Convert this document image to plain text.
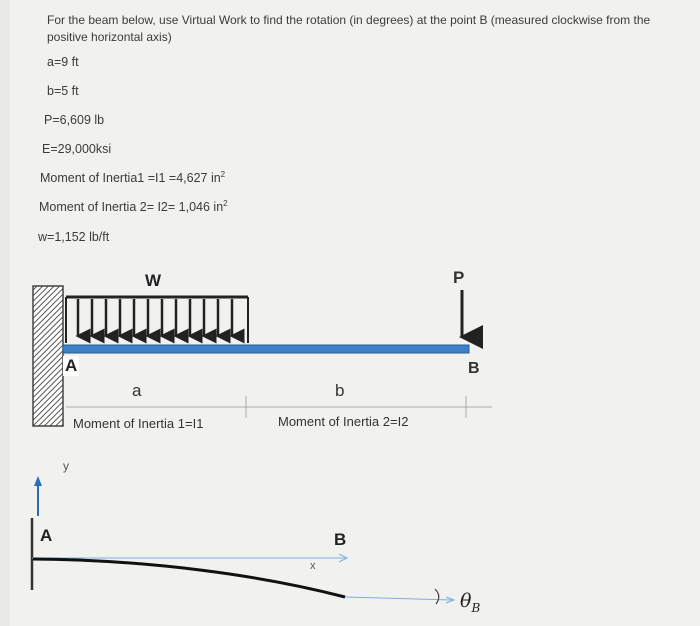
For the beam below, use Virtual Work to find the rotation (in degrees) at the point B (measured clockwise from the positive horizontal axis)
a=9 ft
b=5 ft
P=6,609 lb
E=29,000ksi
Moment of Inertia1 =I1 =4,627 $in^2$
Moment of Inertia 2= I2= 1,046 $in^2$
w=1,152 lb/ft
W	P
A	B
a	b
Moment of Inertia 1=I1	Moment of Inertia 2=I2
y
x
A	B
$\theta_B$
